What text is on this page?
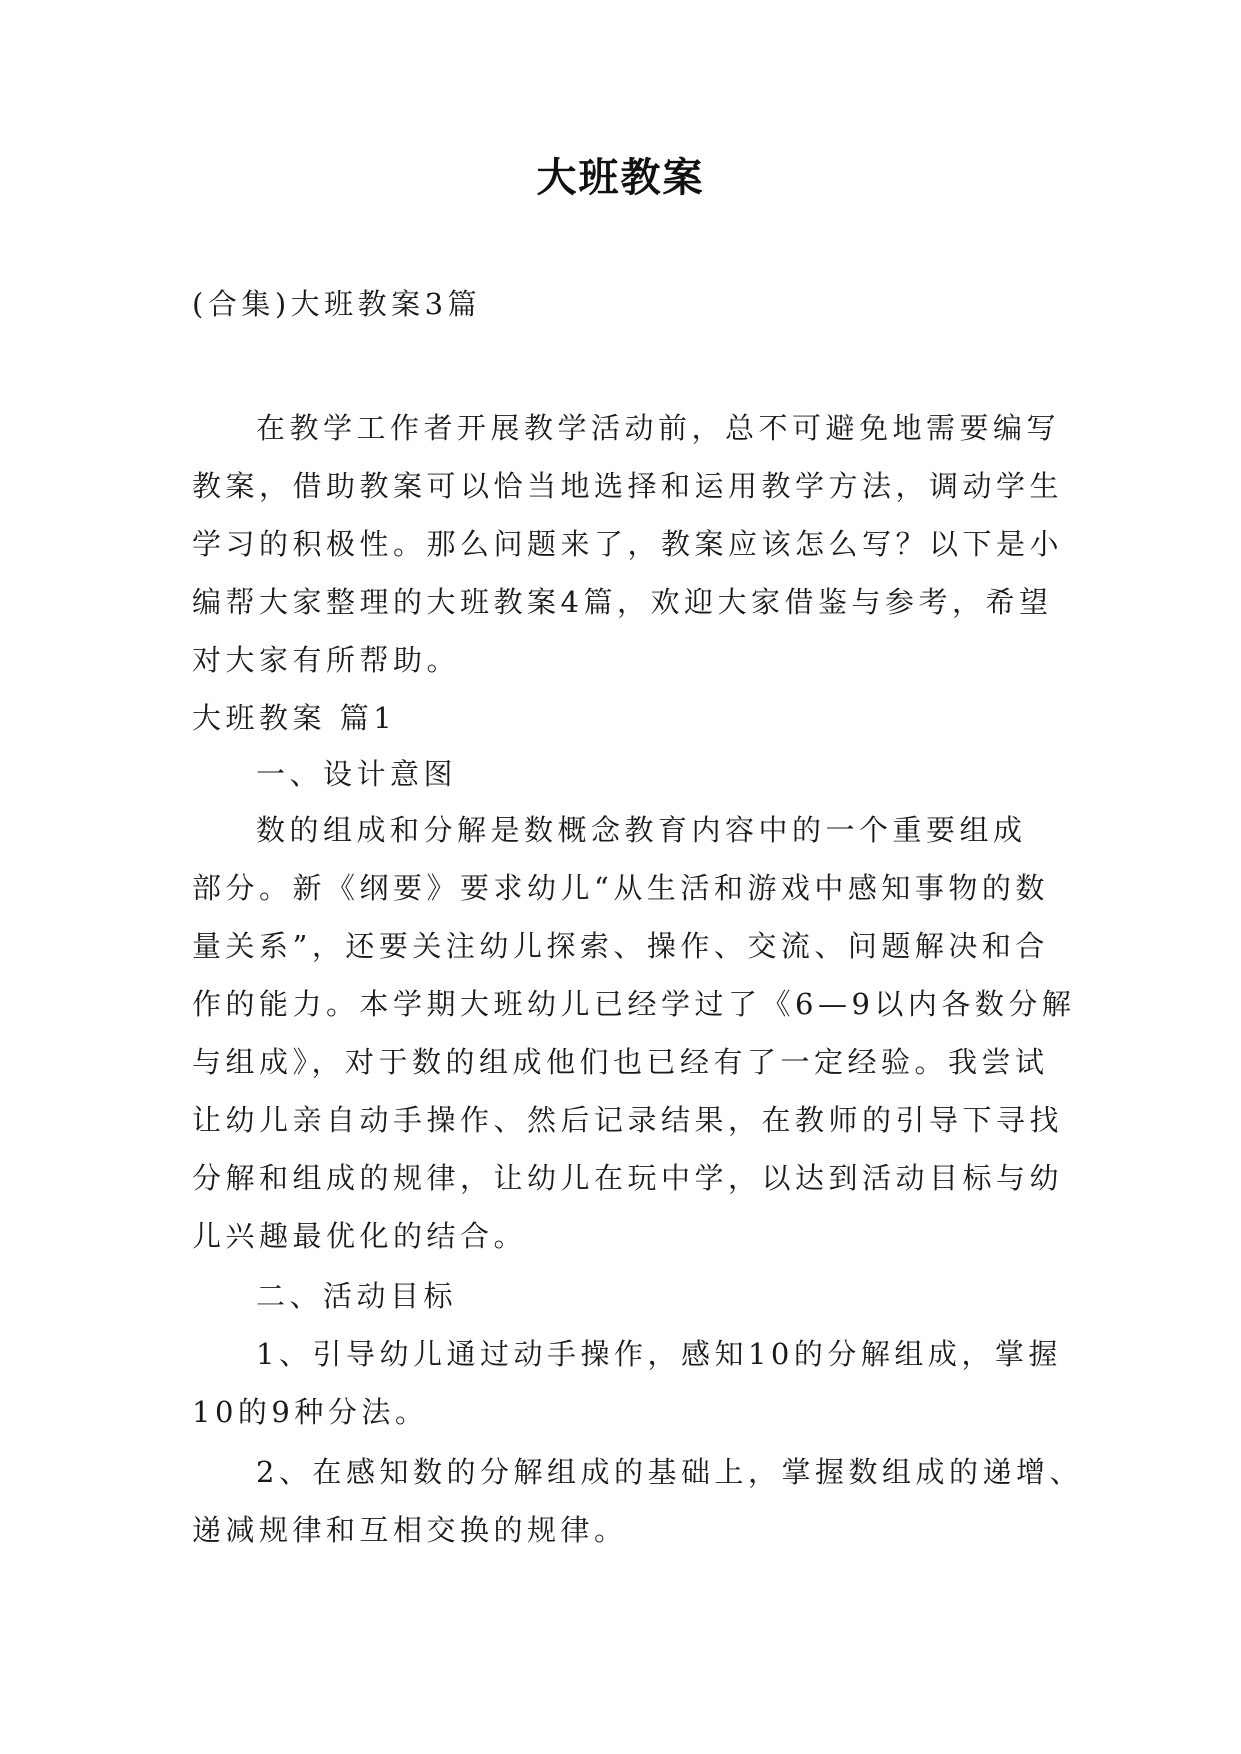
大班教案

(合集)大班教案3篇

在教学工作者开展教学活动前，总不可避免地需要编写

教案，借助教案可以恰当地选择和运用教学方法，调动学生

学习的积极性。那么问题来了，教案应该怎么写？以下是小

编帮大家整理的大班教案4篇，欢迎大家借鉴与参考，希望

对大家有所帮助。

大班教案 篇1

一、设计意图

数的组成和分解是数概念教育内容中的一个重要组成

部分。新《纲要》要求幼儿“从生活和游戏中感知事物的数

量关系”，还要关注幼儿探索、操作、交流、问题解决和合

作的能力。本学期大班幼儿已经学过了《6—9以内各数分解

与组成》，对于数的组成他们也已经有了一定经验。我尝试

让幼儿亲自动手操作、然后记录结果，在教师的引导下寻找

分解和组成的规律，让幼儿在玩中学，以达到活动目标与幼

儿兴趣最优化的结合。

二、活动目标

1、引导幼儿通过动手操作，感知10的分解组成，掌握

10的9种分法。

2、在感知数的分解组成的基础上，掌握数组成的递增、

递减规律和互相交换的规律。
